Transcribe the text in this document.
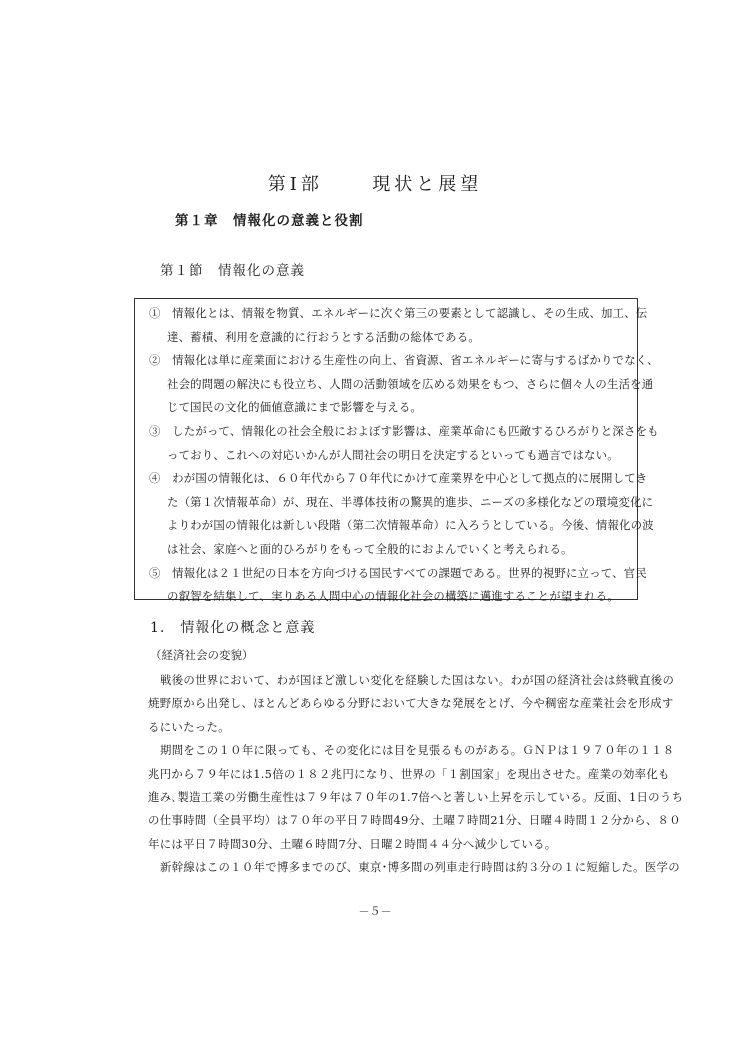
第Ⅰ部	現状と展望
第１章　情報化の意義と役割
第１節　情報化の意義
①　情報化とは、情報を物質、エネルギーに次ぐ第三の要素として認識し、その生成、加工、伝
達、蓄積、利用を意識的に行おうとする活動の総体である。
②　情報化は単に産業面における生産性の向上、省資源、省エネルギーに寄与するばかりでなく、
社会的問題の解決にも役立ち、人間の活動領域を広める効果をもつ、さらに個々人の生活を通
じて国民の文化的価値意識にまで影響を与える。
③　したがって、情報化の社会全般におよぼす影響は、産業革命にも匹敵するひろがりと深さをも
っており、これへの対応いかんが人間社会の明日を決定するといっても過言ではない。
④　わが国の情報化は、６０年代から７０年代にかけて産業界を中心として拠点的に展開してき
た（第１次情報革命）が、現在、半導体技術の驚異的進歩、ニーズの多様化などの環境変化に
よりわが国の情報化は新しい段階（第二次情報革命）に入ろうとしている。今後、情報化の波
は社会、家庭へと面的ひろがりをもって全般的におよんでいくと考えられる。
⑤　情報化は２１世紀の日本を方向づける国民すべての課題である。世界的視野に立って、官民
の叡智を結集して、実りある人間中心の情報化社会の構築に邁進することが望まれる。
1.　情報化の概念と意義
（経済社会の変貌）
戦後の世界において、わが国ほど激しい変化を経験した国はない。わが国の経済社会は終戦直後の
焼野原から出発し、ほとんどあらゆる分野において大きな発展をとげ、今や稠密な産業社会を形成す
るにいたった。
期間をこの１０年に限っても、その変化には目を見張るものがある。ＧＮＰは１９７０年の１１８
兆円から７９年には1.5倍の１８２兆円になり、世界の「１割国家」を現出させた。産業の効率化も
進み､製造工業の労働生産性は７９年は７０年の1.7倍へと著しい上昇を示している。反面、1日のうち
の仕事時間（全員平均）は７０年の平日７時間49分、土曜７時間21分、日曜４時間１２分から、８０
年には平日７時間30分、土曜６時間7分、日曜２時間４４分へ減少している。
新幹線はこの１０年で博多までのび、東京･博多間の列車走行時間は約３分の１に短縮した。医学の
－５－
